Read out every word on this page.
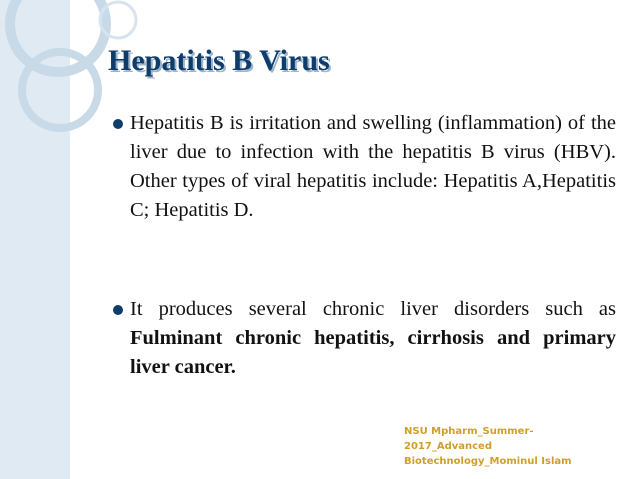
Hepatitis B Virus
Hepatitis B is irritation and swelling (inflammation) of the liver due to infection with the hepatitis B virus (HBV). Other types of viral hepatitis include: Hepatitis A,Hepatitis C; Hepatitis D.
It produces several chronic liver disorders such as Fulminant chronic hepatitis, cirrhosis and primary liver cancer.
NSU Mpharm_Summer-
2017_Advanced
Biotechnology_Mominul Islam
